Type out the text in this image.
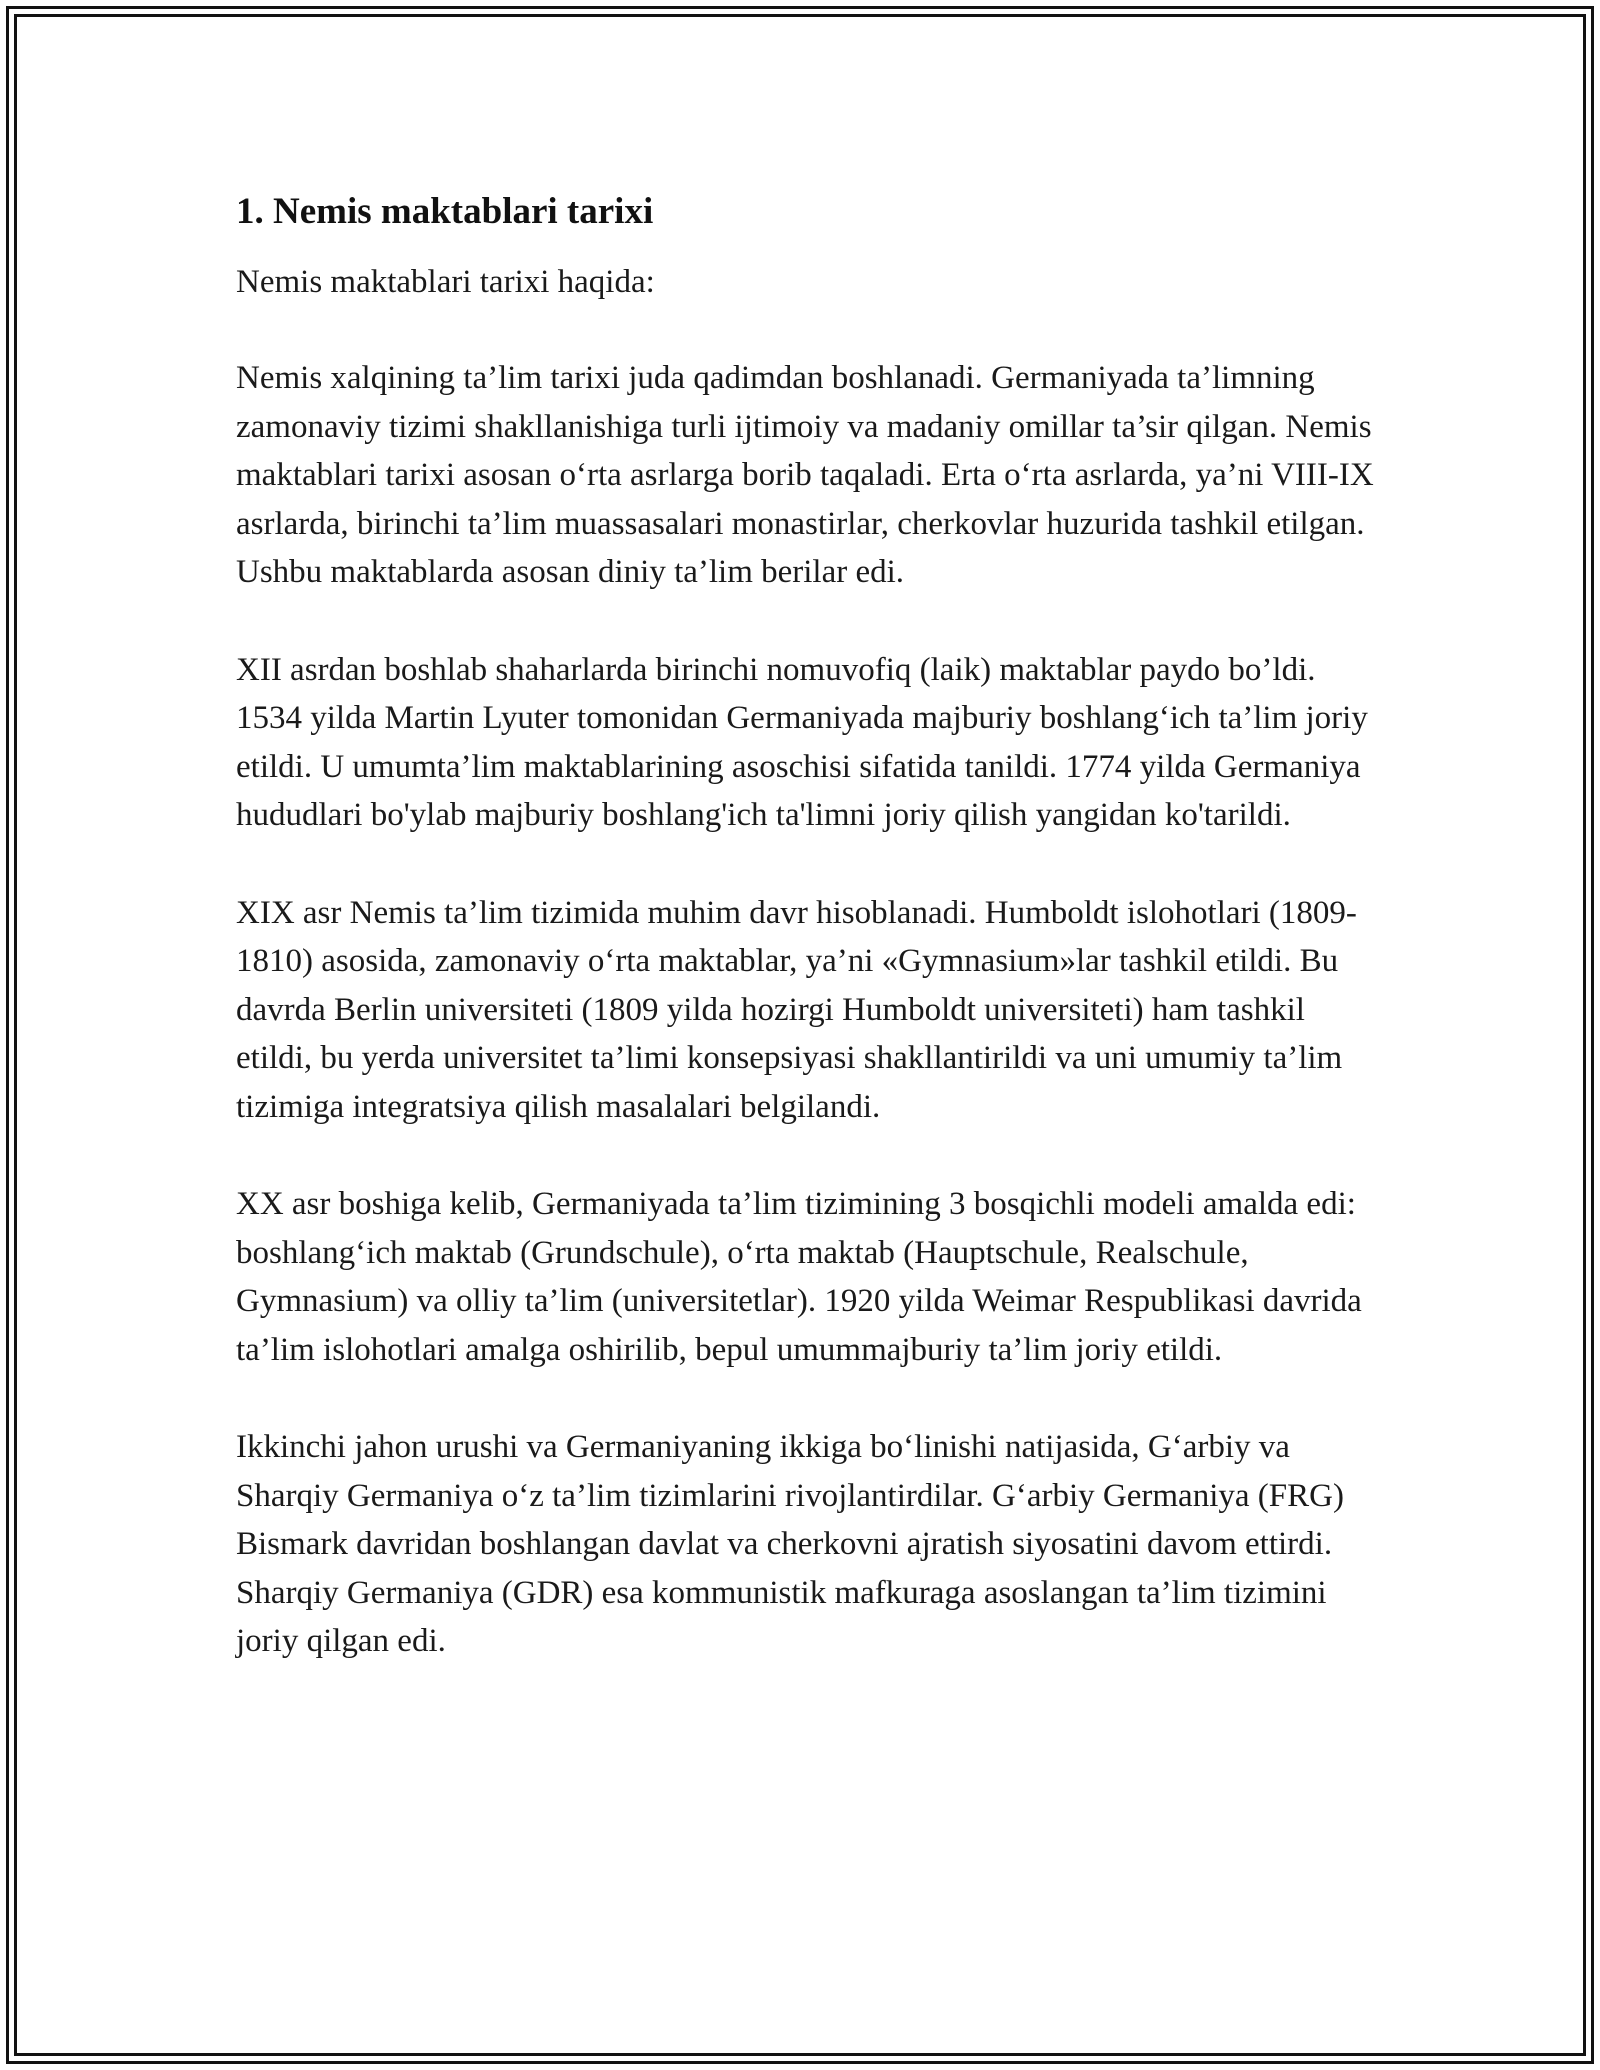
1. Nemis maktablari tarixi

Nemis maktablari tarixi haqida:

Nemis xalqining ta’lim tarixi juda qadimdan boshlanadi. Germaniyada ta’limning zamonaviy tizimi shakllanishiga turli ijtimoiy va madaniy omillar ta’sir qilgan. Nemis maktablari tarixi asosan o‘rta asrlarga borib taqaladi. Erta o‘rta asrlarda, ya’ni VIII-IX asrlarda, birinchi ta’lim muassasalari monastirlar, cherkovlar huzurida tashkil etilgan. Ushbu maktablarda asosan diniy ta’lim berilar edi.

XII asrdan boshlab shaharlarda birinchi nomuvofiq (laik) maktablar paydo bo’ldi. 1534 yilda Martin Lyuter tomonidan Germaniyada majburiy boshlang‘ich ta’lim joriy etildi. U umumta’lim maktablarining asoschisi sifatida tanildi. 1774 yilda Germaniya hududlari bo'ylab majburiy boshlang'ich ta'limni joriy qilish yangidan ko'tarildi.

XIX asr Nemis ta’lim tizimida muhim davr hisoblanadi. Humboldt islohotlari (1809-1810) asosida, zamonaviy o‘rta maktablar, ya’ni «Gymnasium»lar tashkil etildi. Bu davrda Berlin universiteti (1809 yilda hozirgi Humboldt universiteti) ham tashkil etildi, bu yerda universitet ta’limi konsepsiyasi shakllantirildi va uni umumiy ta’lim tizimiga integratsiya qilish masalalari belgilandi.

XX asr boshiga kelib, Germaniyada ta’lim tizimining 3 bosqichli modeli amalda edi: boshlang‘ich maktab (Grundschule), o‘rta maktab (Hauptschule, Realschule, Gymnasium) va olliy ta’lim (universitetlar). 1920 yilda Weimar Respublikasi davrida ta’lim islohotlari amalga oshirilib, bepul umummajburiy ta’lim joriy etildi.

Ikkinchi jahon urushi va Germaniyaning ikkiga bo‘linishi natijasida, G‘arbiy va Sharqiy Germaniya o‘z ta’lim tizimlarini rivojlantirdilar. G‘arbiy Germaniya (FRG) Bismark davridan boshlangan davlat va cherkovni ajratish siyosatini davom ettirdi. Sharqiy Germaniya (GDR) esa kommunistik mafkuraga asoslangan ta’lim tizimini joriy qilgan edi.
